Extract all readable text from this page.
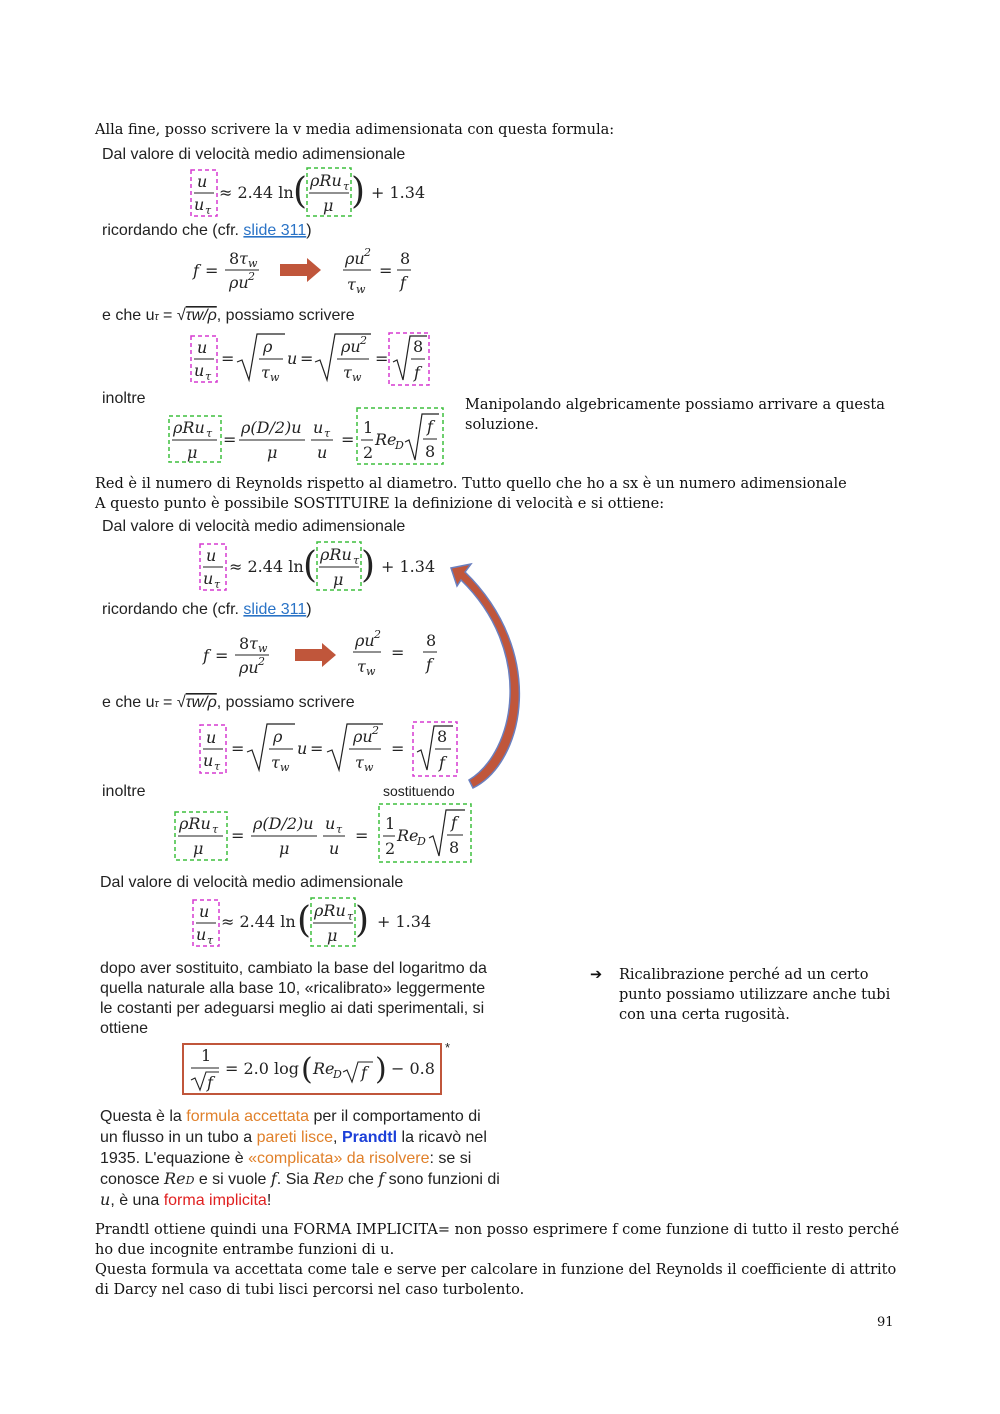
Alla fine, posso scrivere la v media adimensionata con questa formula:
Dal valore di velocità medio adimensionale
u
u τ
≈ 2.44 ln ( ρRu τ
μ ) + 1.34
ricordando che (cfr. slide 311)
f =
8 τ w
ρu 2
ρu 2
τ w
=
8
f
e che uτ = √τw/ρ, possiamo scrivere
u
u τ
=
ρ
τ w
u =
ρu 2
τ w
=
8
f
inoltre
ρRu τ
μ
=
ρ(D/2)u
μ
u τ
u
=
1
2
Re
D
f
8
Manipolando algebricamente possiamo arrivare a questa soluzione.
Red è il numero di Reynolds rispetto al diametro. Tutto quello che ho a sx è un numero adimensionale
A questo punto è possibile SOSTITUIRE la definizione di velocità e si ottiene:
Dal valore di velocità medio adimensionale
u
u τ
≈ 2.44 ln ( ρRu τ
μ ) + 1.34
ricordando che (cfr. slide 311)
f =
8 τ w
ρu 2
ρu 2
τ w
=
8
f
e che uτ = √τw/ρ, possiamo scrivere
u
u τ
=
ρ
τ w
u =
ρu 2
τ w
=
8
f
inoltre	sostituendo
ρRu τ
μ
=
ρ(D/2)u
μ
u τ
u
=
1
2
Re
D
f
8
Dal valore di velocità medio adimensionale
u
u τ
≈ 2.44 ln ( ρRu τ
μ ) + 1.34
dopo aver sostituito, cambiato la base del logaritmo da
quella naturale alla base 10, «ricalibrato» leggermente
le costanti per adeguarsi meglio ai dati sperimentali, si
ottiene
*
1
f
= 2.0 log ( Re
D f ) − 0.8
Questa è la formula accettata per il comportamento di
un flusso in un tubo a pareti lisce, Prandtl la ricavò nel
1935. L'equazione è «complicata» da risolvere: se si
conosce ReD e si vuole f. Sia ReD che f sono funzioni di
u, è una forma implicita!
➔	Ricalibrazione perché ad un certo punto possiamo utilizzare anche tubi con una certa rugosità.
Prandtl ottiene quindi una FORMA IMPLICITA= non posso esprimere f come funzione di tutto il resto perché ho due incognite entrambe funzioni di u.
Questa formula va accettata come tale e serve per calcolare in funzione del Reynolds il coefficiente di attrito di Darcy nel caso di tubi lisci percorsi nel caso turbolento.
91
